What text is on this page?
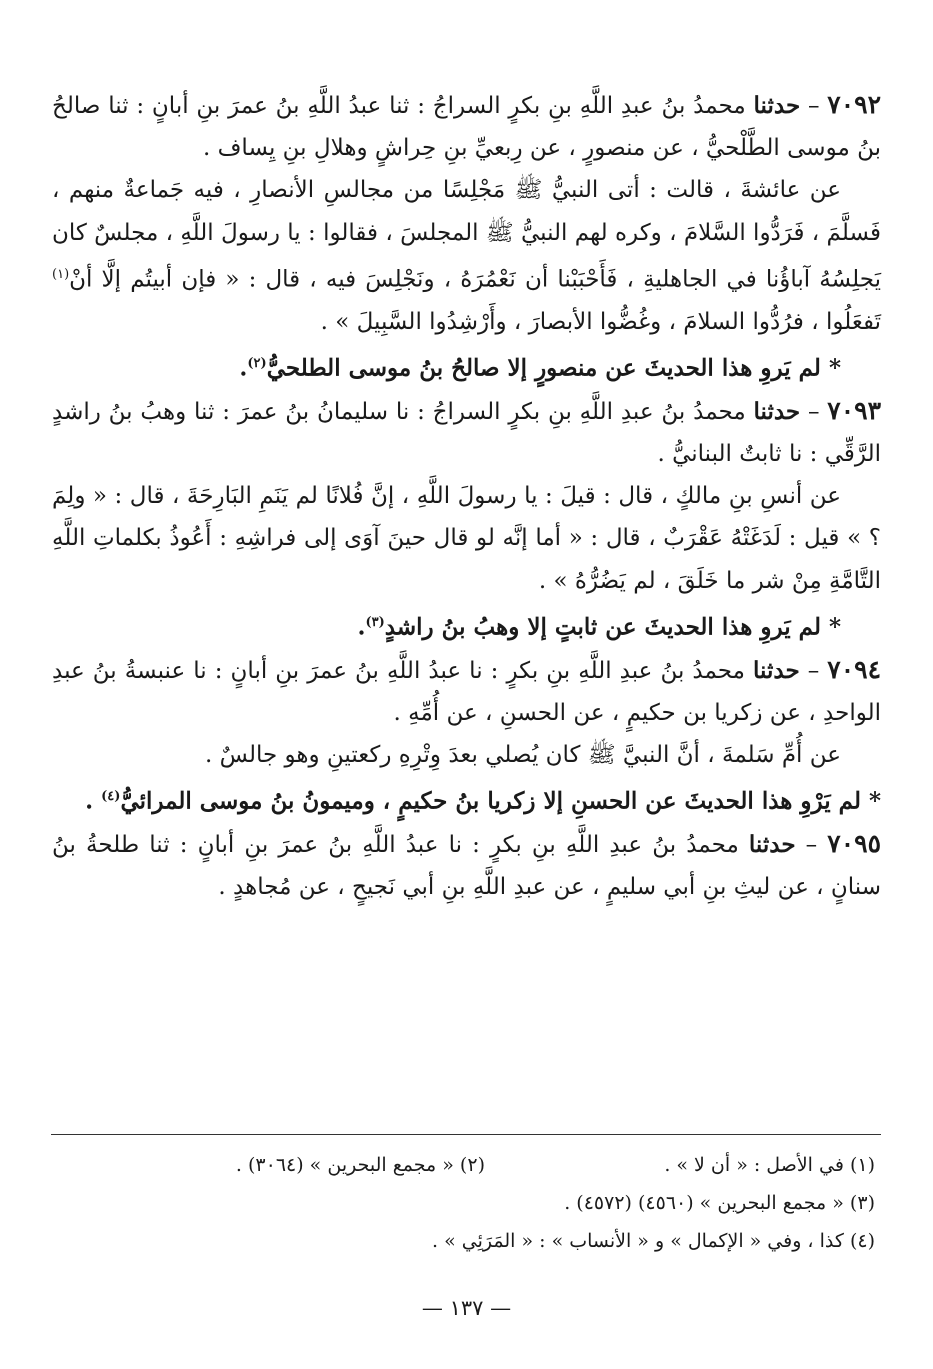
٧٠٩٢ – حدثنا محمدُ بنُ عبدِ اللَّهِ بنِ بكرٍ السراجُ : ثنا عبدُ اللَّهِ بنُ عمرَ بنِ أبانٍ : ثنا صالحُ بنُ موسى الطَّلْحيُّ ، عن منصورٍ ، عن رِبعيِّ بنِ حِراشٍ وهلالِ بنِ يِساف .

عن عائشةَ ، قالت : أتى النبيُّ ﷺ مَجْلِسًا من مجالسِ الأنصارِ ، فيه جَماعةٌ منهم ، فَسلَّمَ ، فَرَدُّوا السَّلامَ ، وكره لهم النبيُّ ﷺ المجلسَ ، فقالوا : يا رسولَ اللَّهِ ، مجلسٌ كان يَجلِسُهُ آباؤُنا في الجاهليةِ ، فَأَحْبَبْنا أن نَعْمُرَهُ ، ونَجْلِسَ فيه ، قال : « فإن أبيتُم إلَّا أنْ$^{(١)}$ تَفعَلُوا ، فرُدُّوا السلامَ ، وغُضُّوا الأبصارَ ، وأَرْشِدُوا السَّبِيلَ » .

* لم يَروِ هذا الحديثَ عن منصورٍ إلا صالحُ بنُ موسى الطلحيُّ$^{(٢)}$.

٧٠٩٣ – حدثنا محمدُ بنُ عبدِ اللَّهِ بنِ بكرٍ السراجُ : نا سليمانُ بنُ عمرَ : ثنا وهبُ بنُ راشدٍ الرَّقِّي : نا ثابتٌ البنانيُّ .

عن أنسِ بنِ مالكٍ ، قال : قيلَ : يا رسولَ اللَّهِ ، إنَّ فُلانًا لم يَنَمِ البَارِحَةَ ، قال : « ولِمَ ؟ » قيل : لَدَغَتْهُ عَقْرَبٌ ، قال : « أما إنَّه لو قال حينَ آوَى إلى فراشِهِ : أَعُوذُ بكلماتِ اللَّهِ التَّامَّةِ مِنْ شر ما خَلَقَ ، لم يَضُرُّهُ » .

* لم يَروِ هذا الحديثَ عن ثابتٍ إلا وهبُ بنُ راشدٍ$^{(٣)}$.

٧٠٩٤ – حدثنا محمدُ بنُ عبدِ اللَّهِ بنِ بكرٍ : نا عبدُ اللَّهِ بنُ عمرَ بنِ أبانٍ : نا عنبسةُ بنُ عبدِ الواحدِ ، عن زكريا بن حكيمٍ ، عن الحسنِ ، عن أُمِّهِ .

عن أُمِّ سَلمةَ ، أنَّ النبيَّ ﷺ كان يُصلي بعدَ وِتْرِهِ ركعتينِ وهو جالسٌ .

* لم يَرْوِ هذا الحديثَ عن الحسنِ إلا زكريا بنُ حكيمٍ ، وميمونُ بنُ موسى المرائيُّ$^{(٤)}$ .

٧٠٩٥ – حدثنا محمدُ بنُ عبدِ اللَّهِ بنِ بكرٍ : نا عبدُ اللَّهِ بنُ عمرَ بنِ أبانٍ : ثنا طلحةُ بنُ سنانٍ ، عن ليثِ بنِ أبي سليمٍ ، عن عبدِ اللَّهِ بنِ أبي نَجيحٍ ، عن مُجاهدٍ .

(١) في الأصل : « أن لا » .
(٢) « مجمع البحرين » (٣٠٦٤) .
(٣) « مجمع البحرين » (٤٥٦٠) (٤٥٧٢) .
(٤) كذا ، وفي « الإكمال » و « الأنساب » : « المَرَئِي » .
— ١٣٧ —
